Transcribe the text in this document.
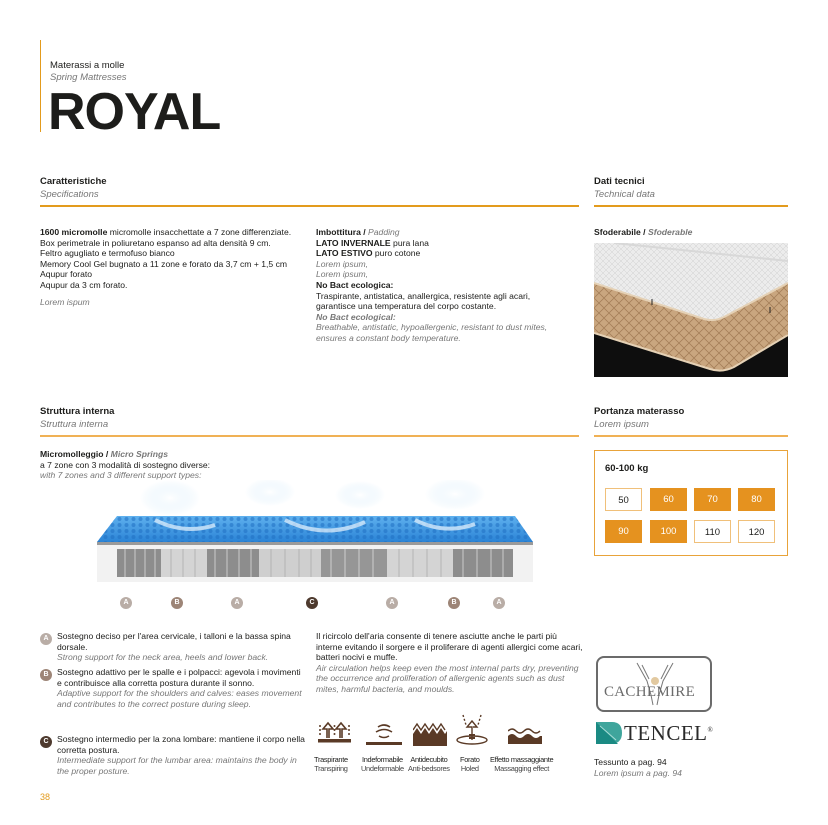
Materassi a molle
Spring Mattresses
ROYAL
Caratteristiche
Specifications
Dati tecnici
Technical data
1600 micromolle micromolle insacchettate a 7 zone differenziate.
Box perimetrale in poliuretano espanso ad alta densità 9 cm.
Feltro agugliato e termofuso bianco
Memory Cool Gel bugnato a 11 zone e forato da 3,7 cm + 1,5 cm
Aqupur forato
Aqupur da 3 cm forato.
Lorem ispum
Imbottitura / Padding
LATO INVERNALE pura lana
LATO ESTIVO puro cotone
Lorem ipsum,
Lorem ipsum,
No Bact ecologica:
Traspirante, antistatica, anallergica, resistente agli acari,
garantisce una temperatura del corpo costante.
No Bact ecological:
Breathable, antistatic, hypoallergenic, resistant to dust mites,
ensures a constant body temperature.
Sfoderabile / Sfoderable
Struttura interna
Struttura interna
Portanza materasso
Lorem ipsum
Micromolleggio / Micro Springs
a 7 zone con 3 modalità di sostegno diverse:
with 7 zones and 3 different support types:
A	B	A	C	A	B	A
60-100 kg
50	60	70	80
90	100	110	120
A Sostegno deciso per l'area cervicale, i talloni e la bassa spina dorsale.
Strong support for the neck area, heels and lower back.
B Sostegno adattivo per le spalle e i polpacci: agevola i movimenti e contribuisce alla corretta postura durante il sonno.
Adaptive support for the shoulders and calves: eases movement and contributes to the correct posture during sleep.
C Sostegno intermedio per la zona lombare: mantiene il corpo nella corretta postura.
Intermediate support for the lumbar area: maintains the body in the proper posture.
Il ricircolo dell'aria consente di tenere asciutte anche le parti più interne evitando il sorgere e il proliferare di agenti allergici come acari, batteri nocivi e muffe.
Air circulation helps keep even the most internal parts dry, preventing the occurrence and proliferation of allergenic agents such as dust mites, harmful bacteria, and moulds.
Traspirante
Transpiring
Indeformabile
Undeformable
Antidecubito
Anti-bedsores
Forato
Holed
Effetto massaggiante
Massagging effect
CACHEMIRE
TENCEL®
Tessunto a pag. 94
Lorem ipsum a pag. 94
38
